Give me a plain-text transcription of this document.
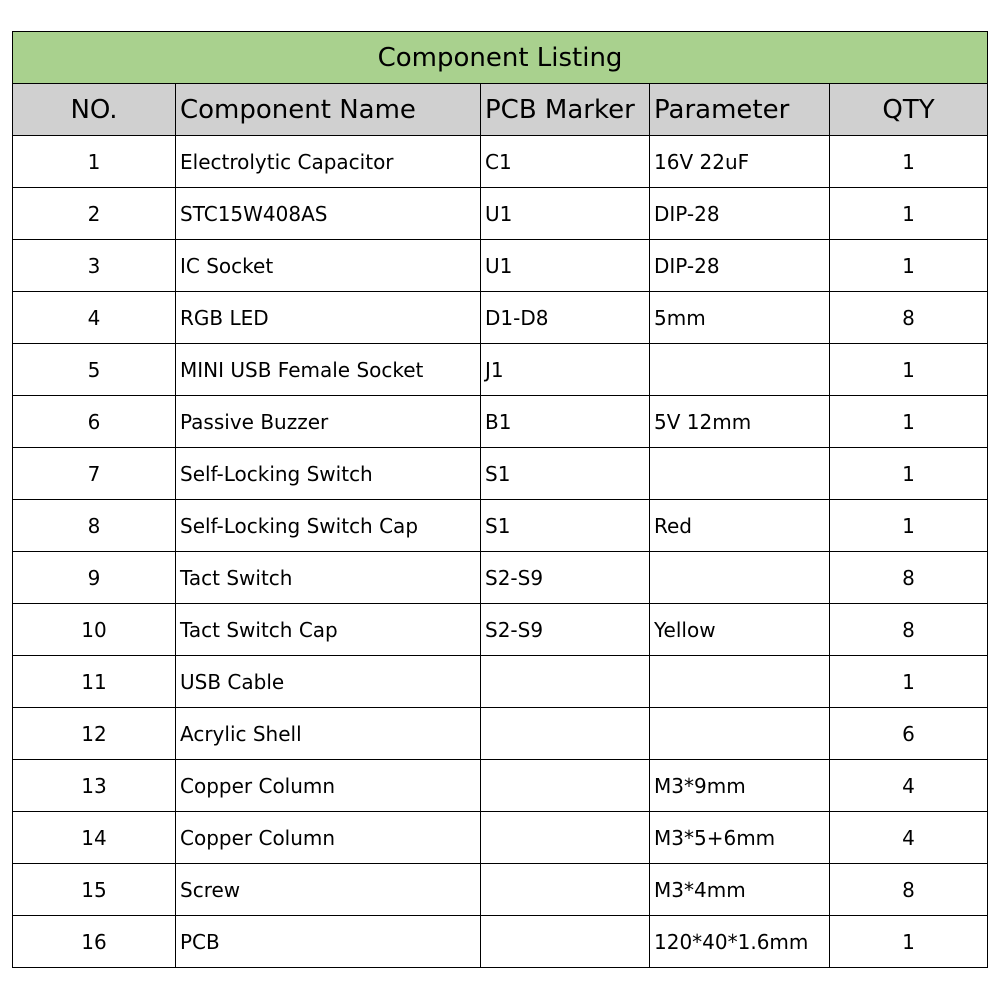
Component Listing				
NO.	Component Name	PCB Marker	Parameter	QTY
1	Electrolytic Capacitor	C1	16V 22uF	1
2	STC15W408AS	U1	DIP-28	1
3	IC Socket	U1	DIP-28	1
4	RGB LED	D1-D8	5mm	8
5	MINI USB Female Socket	J1		1
6	Passive Buzzer	B1	5V 12mm	1
7	Self-Locking Switch	S1		1
8	Self-Locking Switch Cap	S1	Red	1
9	Tact Switch	S2-S9		8
10	Tact Switch Cap	S2-S9	Yellow	8
11	USB Cable			1
12	Acrylic Shell			6
13	Copper Column		M3*9mm	4
14	Copper Column		M3*5+6mm	4
15	Screw		M3*4mm	8
16	PCB		120*40*1.6mm	1
